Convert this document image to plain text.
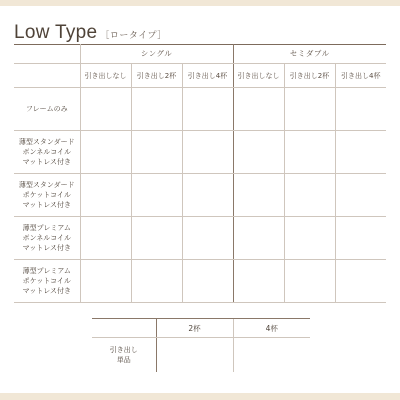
Low Type ［ロータイプ］
	シングル			セミダブル		
	引き出しなし	引き出し2杯	引き出し4杯	引き出しなし	引き出し2杯	引き出し4杯

フレームのみ						

薄型スタンダード
ボンネルコイル
マットレス付き						

薄型スタンダード
ポケットコイル
マットレス付き						

薄型プレミアム
ボンネルコイル
マットレス付き						

薄型プレミアム
ポケットコイル
マットレス付き						

	2杯	4杯

引き出し
単品		
